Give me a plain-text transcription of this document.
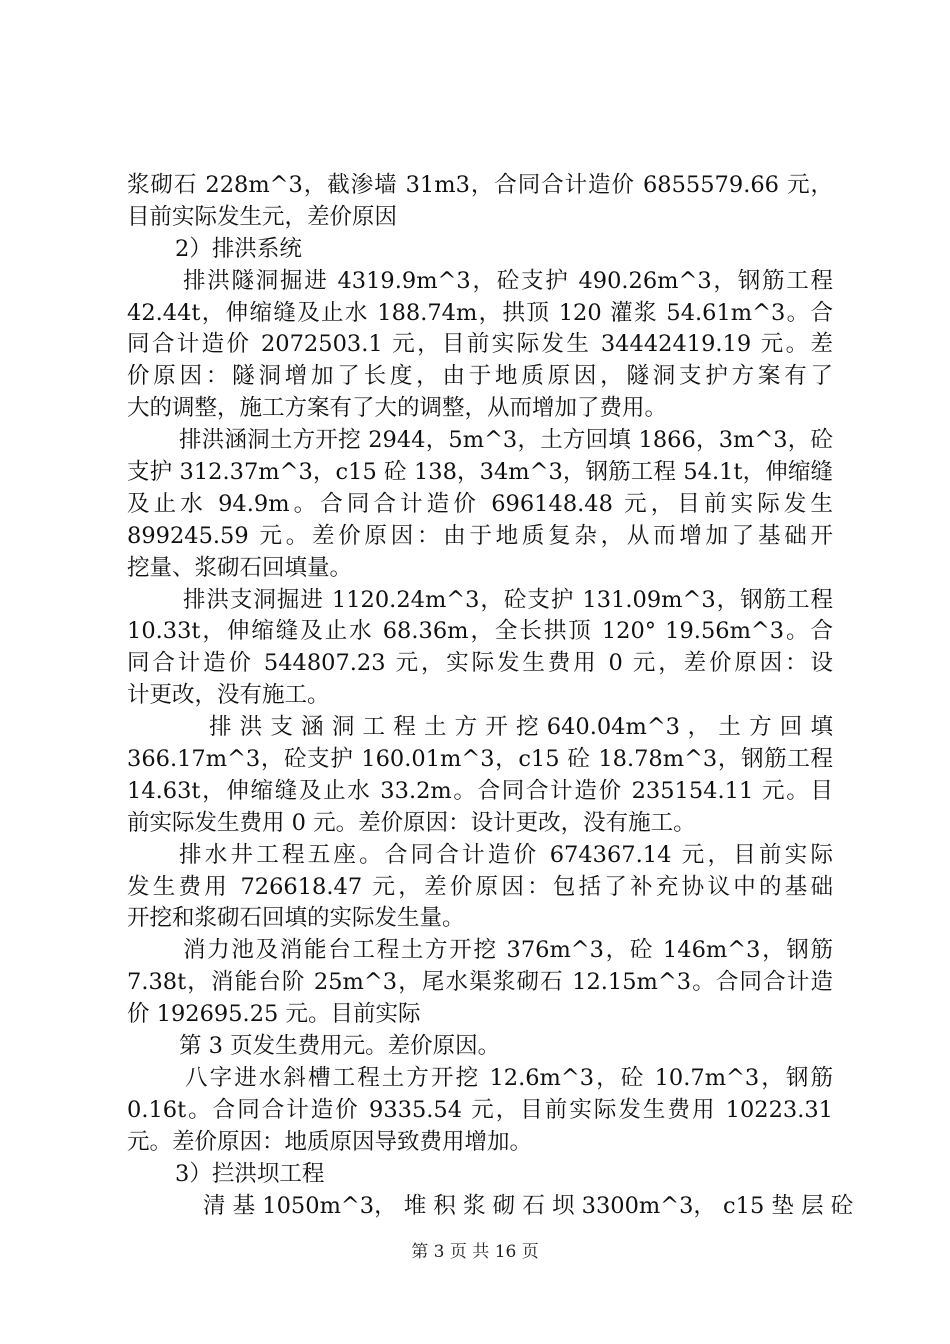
浆砌石 228m^3，截渗墙 31m3，合同合计造价 6855579.66 元，
目前实际发生元，差价原因
2）排洪系统
排洪隧洞掘进 4319.9m^3，砼支护 490.26m^3，钢筋工程
42.44t，伸缩缝及止水 188.74m，拱顶 120 灌浆 54.61m^3。合
同合计造价 2072503.1 元，目前实际发生 34442419.19 元。差
价原因：隧洞增加了长度，由于地质原因，隧洞支护方案有了
大的调整，施工方案有了大的调整，从而增加了费用。
排洪涵洞土方开挖 2944，5m^3，土方回填 1866，3m^3，砼
支护 312.37m^3，c15 砼 138，34m^3，钢筋工程 54.1t，伸缩缝
及止水 94.9m。合同合计造价 696148.48 元，目前实际发生
899245.59 元。差价原因：由于地质复杂，从而增加了基础开
挖量、浆砌石回填量。
排洪支洞掘进 1120.24m^3，砼支护 131.09m^3，钢筋工程
10.33t，伸缩缝及止水 68.36m，全长拱顶 120° 19.56m^3。合
同合计造价 544807.23 元，实际发生费用 0 元，差价原因：设
计更改，没有施工。
排 洪 支 涵 洞 工 程 土 方 开 挖 640.04m^3 ， 土 方 回 填
366.17m^3，砼支护 160.01m^3，c15 砼 18.78m^3，钢筋工程
14.63t，伸缩缝及止水 33.2m。合同合计造价 235154.11 元。目
前实际发生费用 0 元。差价原因：设计更改，没有施工。
排水井工程五座。合同合计造价 674367.14 元，目前实际
发生费用 726618.47 元，差价原因：包括了补充协议中的基础
开挖和浆砌石回填的实际发生量。
消力池及消能台工程土方开挖 376m^3，砼 146m^3，钢筋
7.38t，消能台阶 25m^3，尾水渠浆砌石 12.15m^3。合同合计造
价 192695.25 元。目前实际
第 3 页发生费用元。差价原因。
八字进水斜槽工程土方开挖 12.6m^3，砼 10.7m^3，钢筋
0.16t。合同合计造价 9335.54 元，目前实际发生费用 10223.31
元。差价原因：地质原因导致费用增加。
3）拦洪坝工程
清 基 1050m^3， 堆 积 浆 砌 石 坝 3300m^3， c15 垫 层 砼
第 3 页 共 16 页
